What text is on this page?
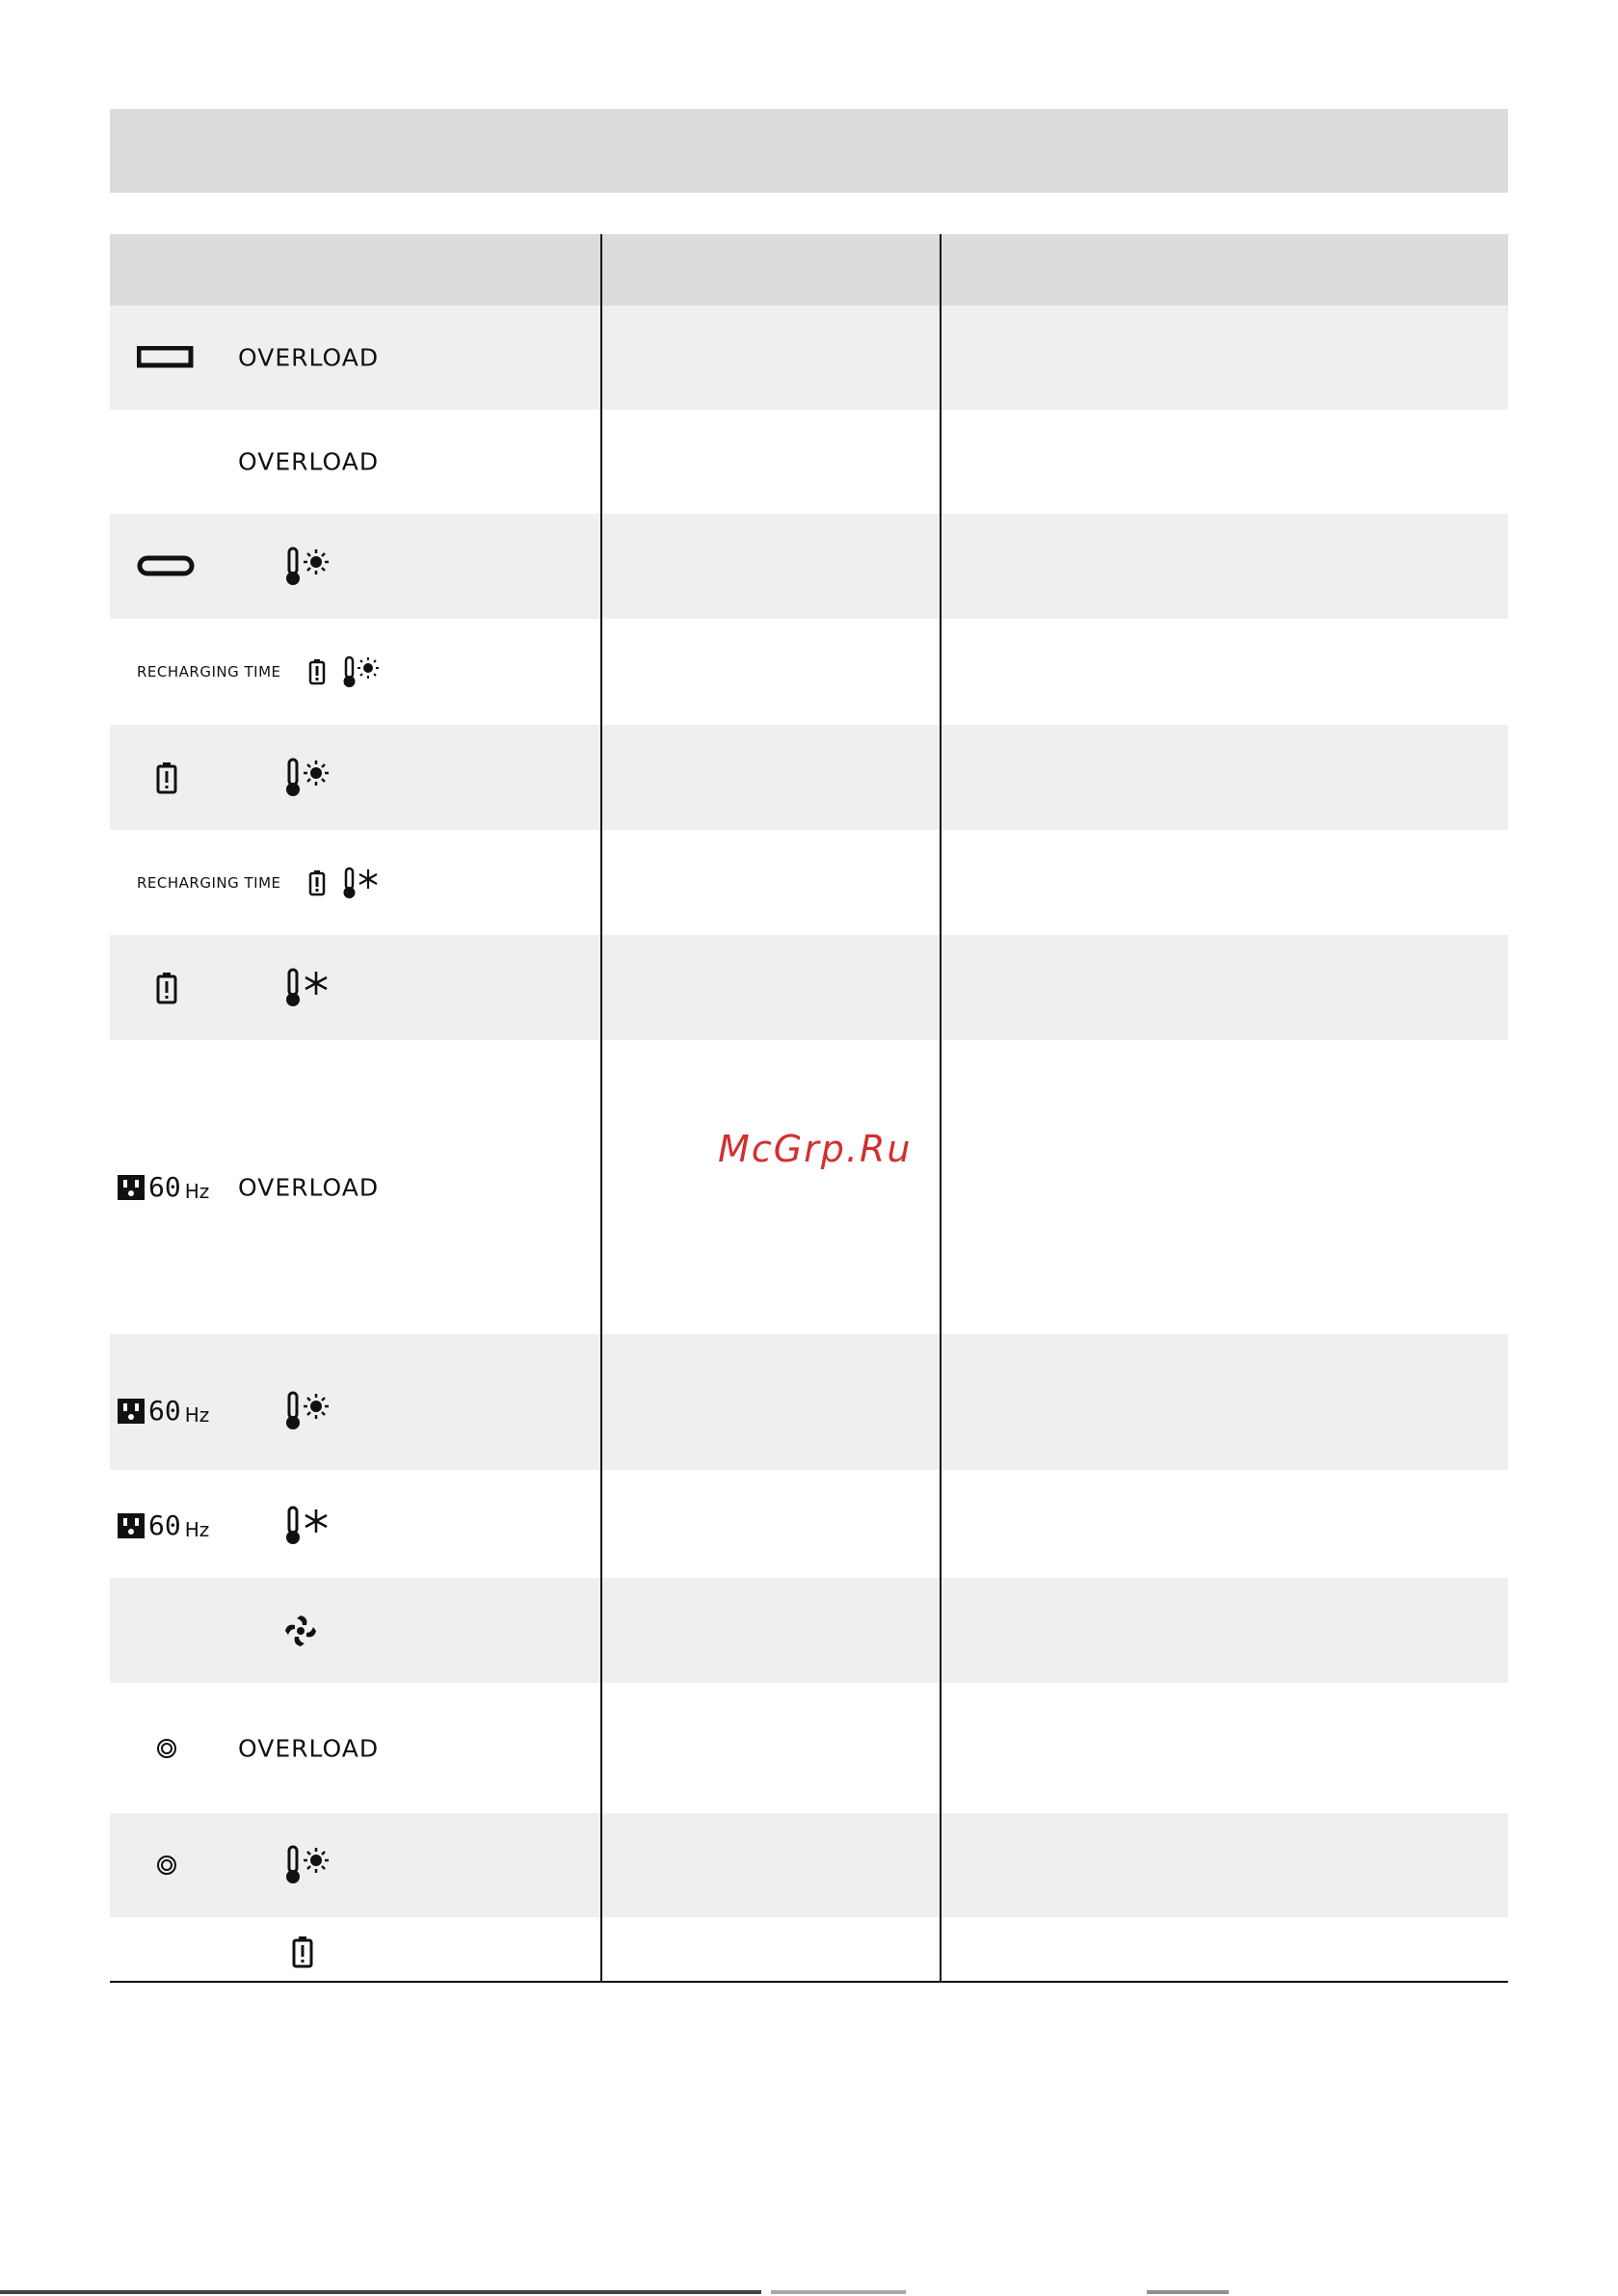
OVERLOAD
OVERLOAD
RECHARGING TIME
RECHARGING TIME
60 Hz OVERLOAD
60 Hz
60 Hz
OVERLOAD
McGrp.Ru
